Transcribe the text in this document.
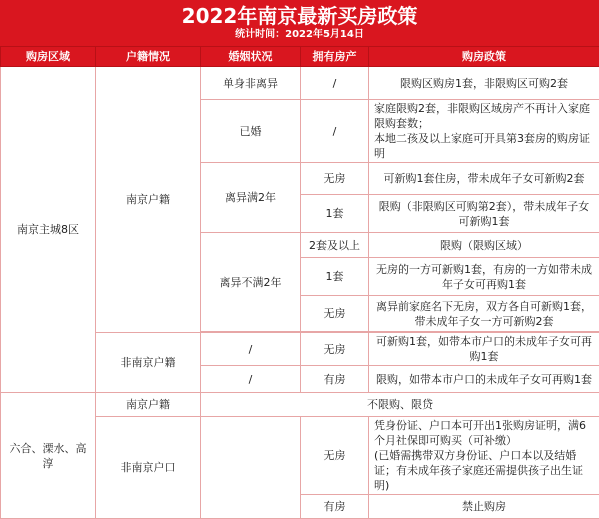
2022年南京最新买房政策
统计时间：2022年5月14日
购房区域	户籍情况	婚姻状况	拥有房产	购房政策
南京主城8区	南京户籍	单身非离异	/	限购区购房1套，非限购区可购2套
		已婚	/	家庭限购2套，非限购区域房产不再计入家庭限购套数；
本地二孩及以上家庭可开具第3套房的购房证明
		离异满2年	无房	可新购1套住房，带未成年子女可新购2套
			1套	限购（非限购区可购第2套），带未成年子女可新购1套
		离异不满2年	2套及以上	限购（限购区域）
			1套	无房的一方可新购1套，有房的一方如带未成年子女可再购1套
			无房	离异前家庭名下无房，双方各自可新购1套，带未成年子女一方可新购2套

	非南京户籍	/	无房	可新购1套，如带本市户口的未成年子女可再购1套
		/	有房	限购，如带本市户口的未成年子女可再购1套
六合、溧水、高淳	南京户籍	不限购、限贷		
	非南京户口		无房	凭身份证、户口本可开出1张购房证明，满6个月社保即可购买（可补缴）
(已婚需携带双方身份证、户口本以及结婚证；有未成年孩子家庭还需提供孩子出生证明)
			有房	禁止购房
